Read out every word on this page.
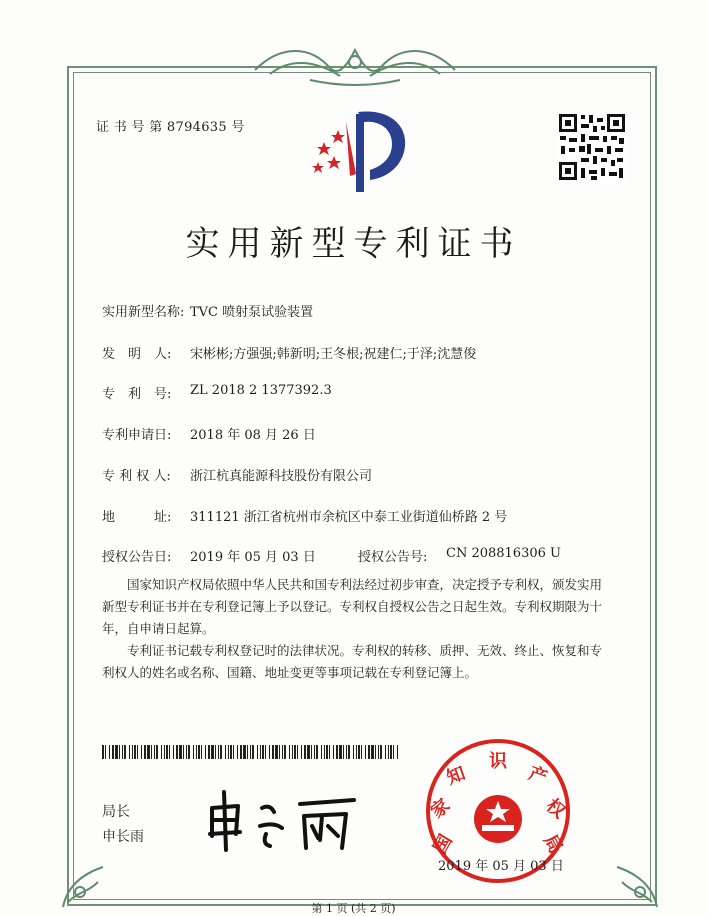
证 书 号 第 8794635 号
实用新型专利证书
实用新型名称: TVC 喷射泵试验装置
发　明　人: 宋彬彬;方强强;韩新明;王冬根;祝建仁;于泽;沈慧俊
专　利　号: ZL 2018 2 1377392.3
专利申请日: 2018 年 08 月 26 日
专 利 权 人: 浙江杭真能源科技股份有限公司
地　　　址: 311121 浙江省杭州市余杭区中泰工业街道仙桥路 2 号
授权公告日: 2019 年 05 月 03 日	授权公告号: CN 208816306 U
国家知识产权局依照中华人民共和国专利法经过初步审查，决定授予专利权，颁发实用新型专利证书并在专利登记簿上予以登记。专利权自授权公告之日起生效。专利权期限为十年，自申请日起算。
专利证书记载专利权登记时的法律状况。专利权的转移、质押、无效、终止、恢复和专利权人的姓名或名称、国籍、地址变更等事项记载在专利登记簿上。
局长
申长雨	国
家
知
识
产
权
局
2019 年 05 月 03 日
第 1 页 (共 2 页)
